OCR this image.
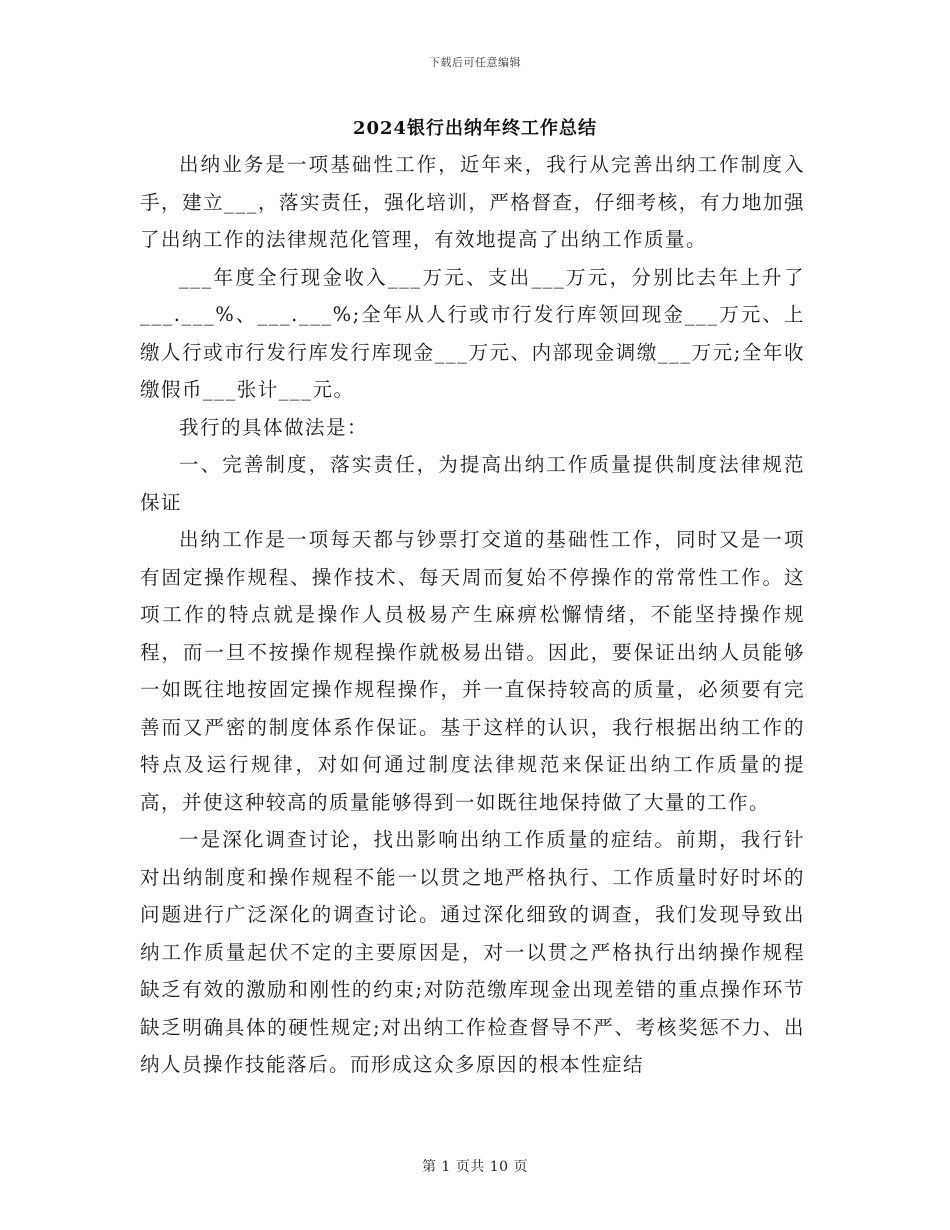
下载后可任意编辑
2024银行出纳年终工作总结

出纳业务是一项基础性工作，近年来，我行从完善出纳工作制度入手，建立___，落实责任，强化培训，严格督查，仔细考核，有力地加强了出纳工作的法律规范化管理，有效地提高了出纳工作质量。

___年度全行现金收入___万元、支出___万元，分别比去年上升了___.___%、___.___%;全年从人行或市行发行库领回现金___万元、上缴人行或市行发行库发行库现金___万元、内部现金调缴___万元;全年收缴假币___张计___元。

我行的具体做法是：

一、完善制度，落实责任，为提高出纳工作质量提供制度法律规范保证

出纳工作是一项每天都与钞票打交道的基础性工作，同时又是一项有固定操作规程、操作技术、每天周而复始不停操作的常常性工作。这项工作的特点就是操作人员极易产生麻痹松懈情绪，不能坚持操作规程，而一旦不按操作规程操作就极易出错。因此，要保证出纳人员能够一如既往地按固定操作规程操作，并一直保持较高的质量，必须要有完善而又严密的制度体系作保证。基于这样的认识，我行根据出纳工作的特点及运行规律，对如何通过制度法律规范来保证出纳工作质量的提高，并使这种较高的质量能够得到一如既往地保持做了大量的工作。

一是深化调查讨论，找出影响出纳工作质量的症结。前期，我行针对出纳制度和操作规程不能一以贯之地严格执行、工作质量时好时坏的问题进行广泛深化的调查讨论。通过深化细致的调查，我们发现导致出纳工作质量起伏不定的主要原因是，对一以贯之严格执行出纳操作规程缺乏有效的激励和刚性的约束;对防范缴库现金出现差错的重点操作环节缺乏明确具体的硬性规定;对出纳工作检查督导不严、考核奖惩不力、出纳人员操作技能落后。而形成这众多原因的根本性症结

第 1 页共 10 页
